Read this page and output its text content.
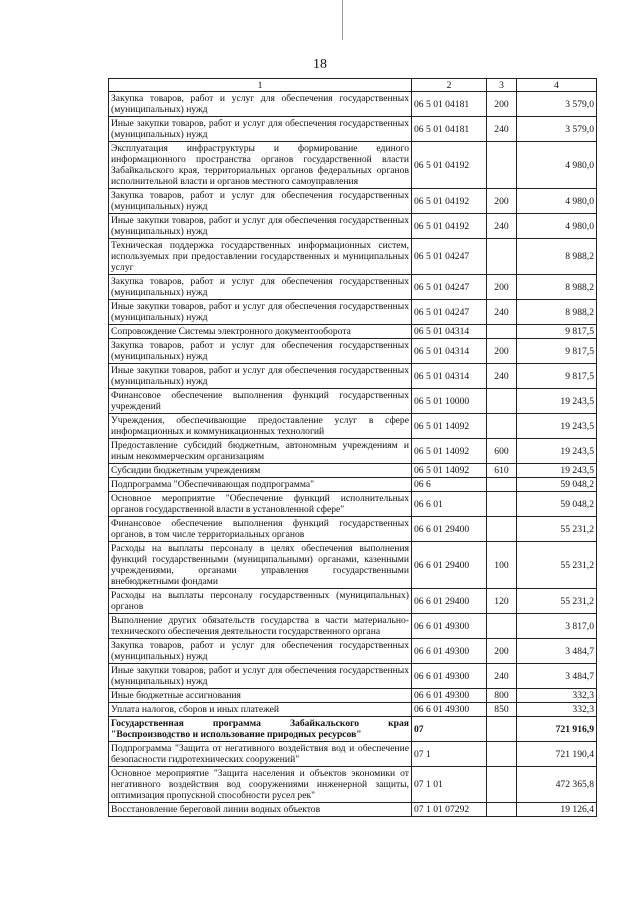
18
1	2	3	4
Закупка товаров, работ и услуг для обеспечения государственных (муниципальных) нужд	06 5 01 04181	200	3 579,0
Иные закупки товаров, работ и услуг для обеспечения государственных (муниципальных) нужд	06 5 01 04181	240	3 579,0
Эксплуатация инфраструктуры и формирование единого информационного пространства органов государственной власти Забайкальского края, территориальных органов федеральных органов исполнительной власти и органов местного самоуправления	06 5 01 04192		4 980,0
Закупка товаров, работ и услуг для обеспечения государственных (муниципальных) нужд	06 5 01 04192	200	4 980,0
Иные закупки товаров, работ и услуг для обеспечения государственных (муниципальных) нужд	06 5 01 04192	240	4 980,0
Техническая поддержка государственных информационных систем, используемых при предоставлении государственных и муниципальных услуг	06 5 01 04247		8 988,2
Закупка товаров, работ и услуг для обеспечения государственных (муниципальных) нужд	06 5 01 04247	200	8 988,2
Иные закупки товаров, работ и услуг для обеспечения государственных (муниципальных) нужд	06 5 01 04247	240	8 988,2
Сопровождение Системы электронного документооборота	06 5 01 04314		9 817,5
Закупка товаров, работ и услуг для обеспечения государственных (муниципальных) нужд	06 5 01 04314	200	9 817,5
Иные закупки товаров, работ и услуг для обеспечения государственных (муниципальных) нужд	06 5 01 04314	240	9 817,5
Финансовое обеспечение выполнения функций государственных учреждений	06 5 01 10000		19 243,5
Учреждения, обеспечивающие предоставление услуг в сфере информационных и коммуникационных технологий	06 5 01 14092		19 243,5
Предоставление субсидий бюджетным, автономным учреждениям и иным некоммерческим организациям	06 5 01 14092	600	19 243,5
Субсидии бюджетным учреждениям	06 5 01 14092	610	19 243,5
Подпрограмма "Обеспечивающая подпрограмма"	06 6		59 048,2
Основное мероприятие "Обеспечение функций исполнительных органов государственной власти в установленной сфере"	06 6 01		59 048,2
Финансовое обеспечение выполнения функций государственных органов, в том числе территориальных органов	06 6 01 29400		55 231,2
Расходы на выплаты персоналу в целях обеспечения выполнения функций государственными (муниципальными) органами, казенными учреждениями, органами управления государственными внебюджетными фондами	06 6 01 29400	100	55 231,2
Расходы на выплаты персоналу государственных (муниципальных) органов	06 6 01 29400	120	55 231,2
Выполнение других обязательств государства в части материально-технического обеспечения деятельности государственного органа	06 6 01 49300		3 817,0
Закупка товаров, работ и услуг для обеспечения государственных (муниципальных) нужд	06 6 01 49300	200	3 484,7
Иные закупки товаров, работ и услуг для обеспечения государственных (муниципальных) нужд	06 6 01 49300	240	3 484,7
Иные бюджетные ассигнования	06 6 01 49300	800	332,3
Уплата налогов, сборов и иных платежей	06 6 01 49300	850	332,3
Государственная программа Забайкальского края "Воспроизводство и использование природных ресурсов"	07		721 916,9
Подпрограмма "Защита от негативного воздействия вод и обеспечение безопасности гидротехнических сооружений"	07 1		721 190,4
Основное мероприятие "Защита населения и объектов экономики от негативного воздействия вод сооружениями инженерной защиты, оптимизация пропускной способности русел рек"	07 1 01		472 365,8
Восстановление береговой линии водных объектов	07 1 01 07292		19 126,4
